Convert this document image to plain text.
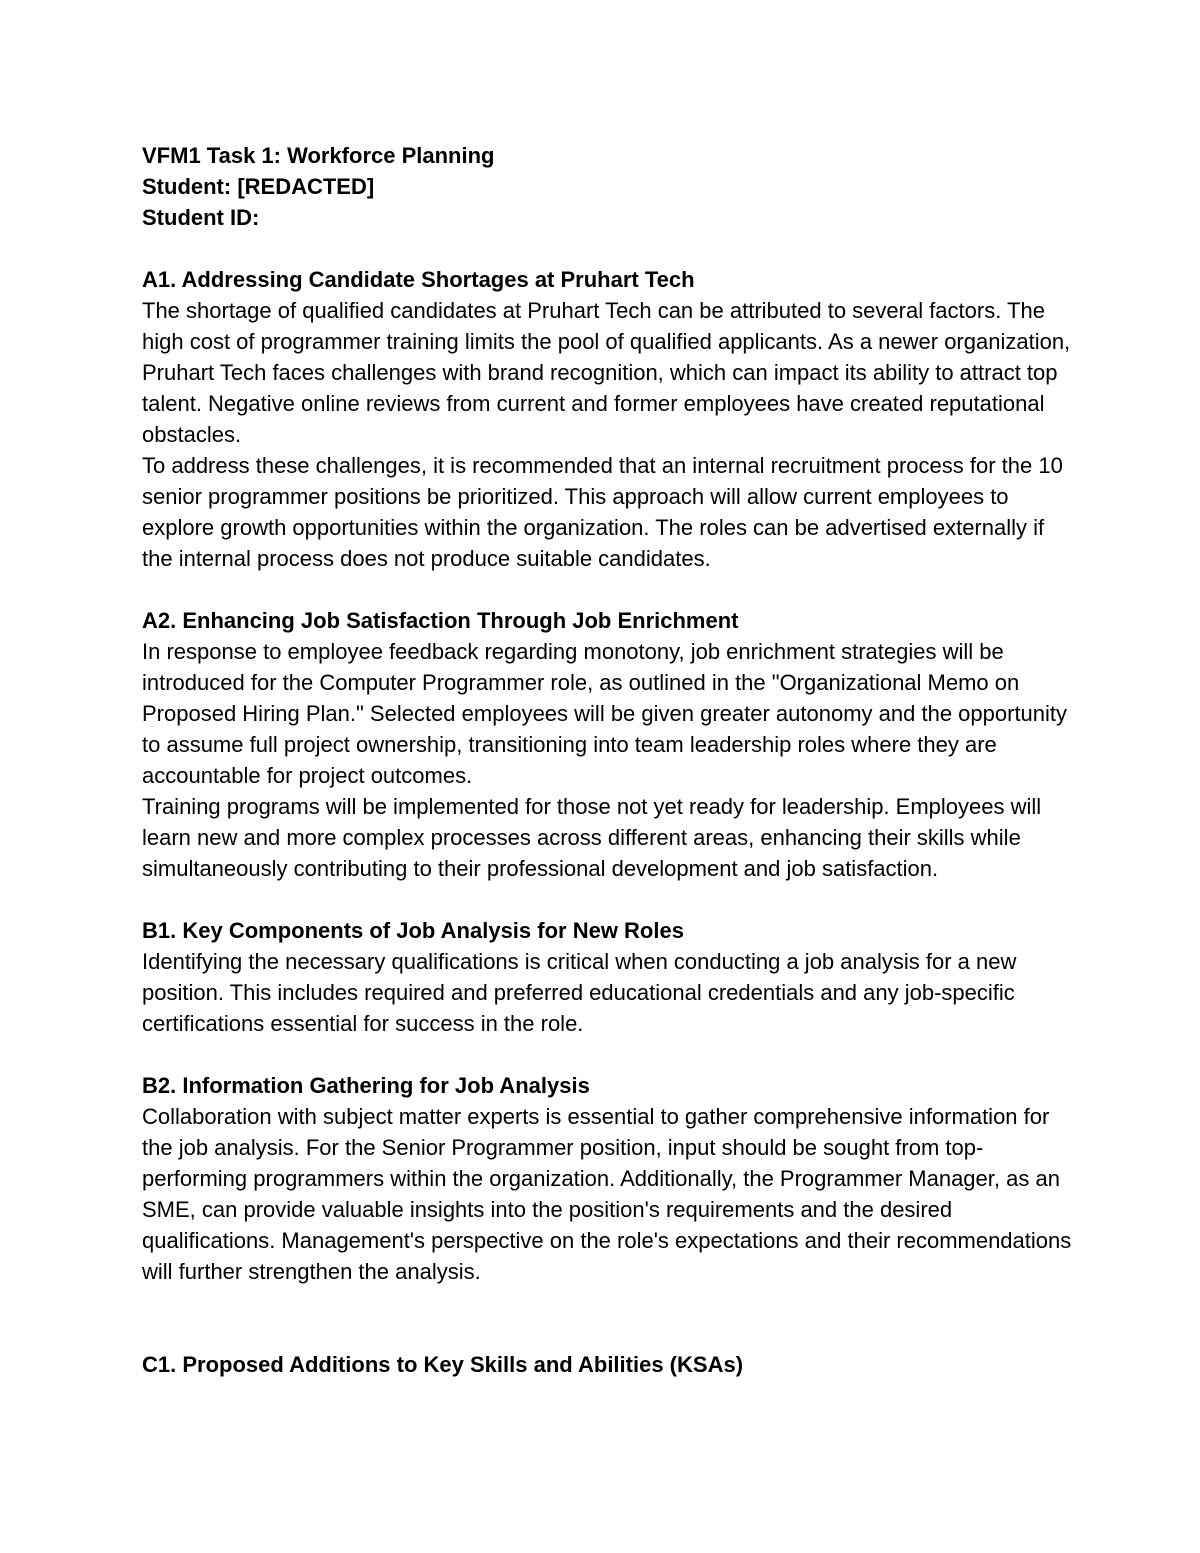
VFM1 Task 1: Workforce Planning

Student: [REDACTED]

Student ID:

A1. Addressing Candidate Shortages at Pruhart Tech

The shortage of qualified candidates at Pruhart Tech can be attributed to several factors. The high cost of programmer training limits the pool of qualified applicants. As a newer organization, Pruhart Tech faces challenges with brand recognition, which can impact its ability to attract top talent. Negative online reviews from current and former employees have created reputational obstacles.

To address these challenges, it is recommended that an internal recruitment process for the 10 senior programmer positions be prioritized. This approach will allow current employees to explore growth opportunities within the organization. The roles can be advertised externally if the internal process does not produce suitable candidates.

A2. Enhancing Job Satisfaction Through Job Enrichment

In response to employee feedback regarding monotony, job enrichment strategies will be introduced for the Computer Programmer role, as outlined in the "Organizational Memo on Proposed Hiring Plan." Selected employees will be given greater autonomy and the opportunity to assume full project ownership, transitioning into team leadership roles where they are accountable for project outcomes.

Training programs will be implemented for those not yet ready for leadership. Employees will learn new and more complex processes across different areas, enhancing their skills while simultaneously contributing to their professional development and job satisfaction.

B1. Key Components of Job Analysis for New Roles

Identifying the necessary qualifications is critical when conducting a job analysis for a new position. This includes required and preferred educational credentials and any job-specific certifications essential for success in the role.

B2. Information Gathering for Job Analysis

Collaboration with subject matter experts is essential to gather comprehensive information for the job analysis. For the Senior Programmer position, input should be sought from top-performing programmers within the organization. Additionally, the Programmer Manager, as an SME, can provide valuable insights into the position's requirements and the desired qualifications. Management's perspective on the role's expectations and their recommendations will further strengthen the analysis.

C1. Proposed Additions to Key Skills and Abilities (KSAs)
